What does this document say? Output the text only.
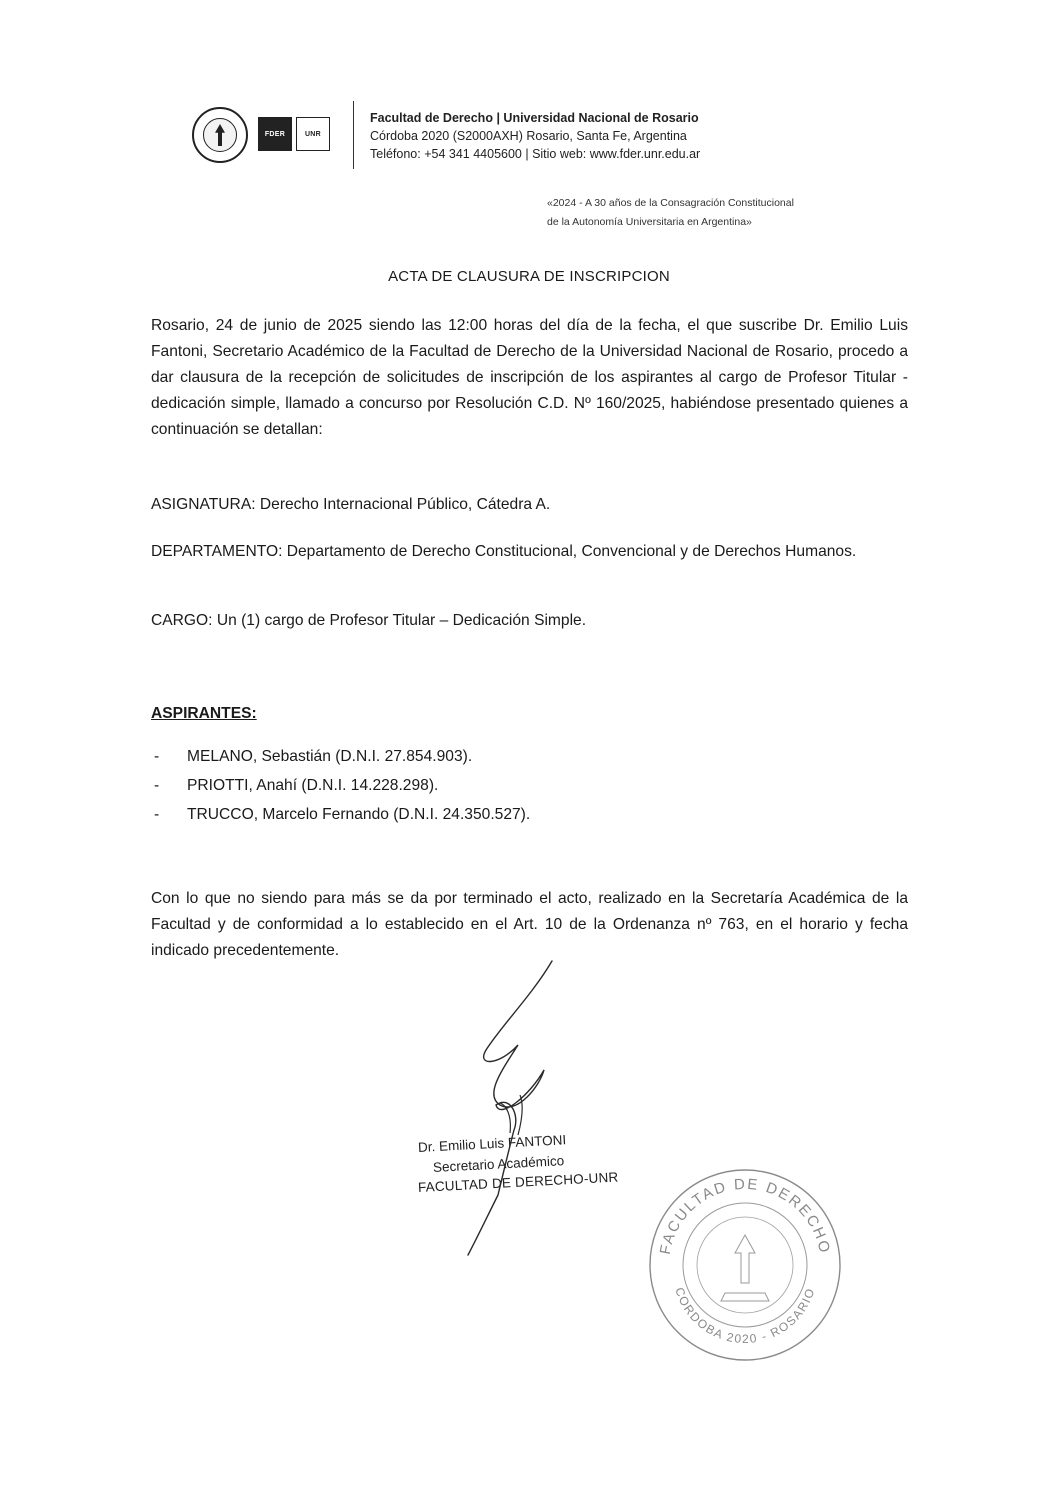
FDER	UNR
Facultad de Derecho | Universidad Nacional de Rosario
Córdoba 2020 (S2000AXH) Rosario, Santa Fe, Argentina
Teléfono: +54 341 4405600 | Sitio web: www.fder.unr.edu.ar
«2024 - A 30 años de la Consagración Constitucional
de la Autonomía Universitaria en Argentina»
ACTA DE CLAUSURA DE INSCRIPCION
Rosario, 24 de junio de 2025 siendo las 12:00 horas del día de la fecha, el que suscribe Dr. Emilio Luis Fantoni, Secretario Académico de la Facultad de Derecho de la Universidad Nacional de Rosario, procedo a dar clausura de la recepción de solicitudes de inscripción de los aspirantes al cargo de Profesor Titular - dedicación simple, llamado a concurso por Resolución C.D. Nº 160/2025, habiéndose presentado quienes a continuación se detallan:
ASIGNATURA: Derecho Internacional Público, Cátedra A.
DEPARTAMENTO: Departamento de Derecho Constitucional, Convencional y de Derechos Humanos.
CARGO: Un (1) cargo de Profesor Titular – Dedicación Simple.
ASPIRANTES:
- MELANO, Sebastián (D.N.I. 27.854.903).
- PRIOTTI, Anahí (D.N.I. 14.228.298).
- TRUCCO, Marcelo Fernando (D.N.I. 24.350.527).
Con lo que no siendo para más se da por terminado el acto, realizado en la Secretaría Académica de la Facultad y de conformidad a lo establecido en el Art. 10 de la Ordenanza nº 763, en el horario y fecha indicado precedentemente.
Dr. Emilio Luis FANTONI
Secretario Académico
FACULTAD DE DERECHO-UNR
FACULTAD DE DERECHO
CORDOBA 2020 - ROSARIO
